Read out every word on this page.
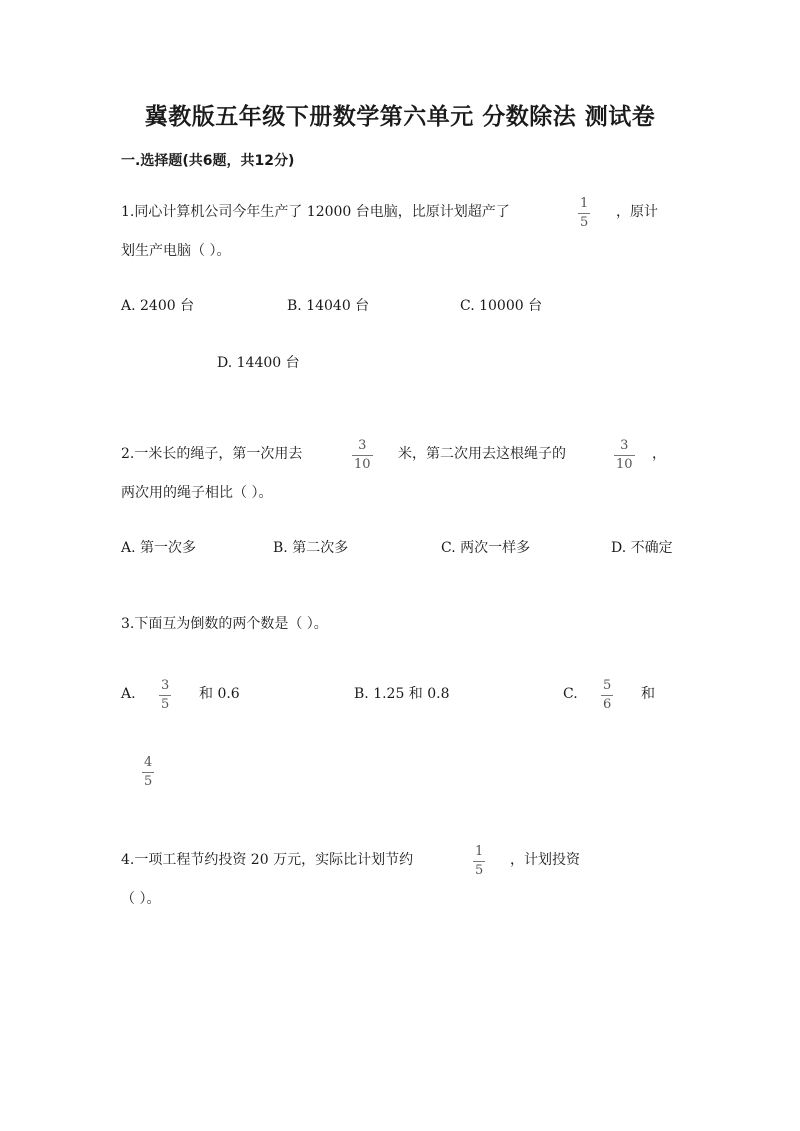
冀教版五年级下册数学第六单元 分数除法 测试卷
一.选择题(共6题，共12分)
1.同心计算机公司今年生产了 12000 台电脑，比原计划超产了
1
5
，原计
划生产电脑（ ）。
A. 2400 台	B. 14040 台	C. 10000 台
D. 14400 台
2.一米长的绳子，第一次用去
3
10
米，第二次用去这根绳子的
3
10
，
两次用的绳子相比（ ）。
A. 第一次多	B. 第二次多	C. 两次一样多	D. 不确定
3.下面互为倒数的两个数是（ ）。
A.
3
5
和 0.6	B. 1.25 和 0.8	C.
5
6
和
4
5
4.一项工程节约投资 20 万元，实际比计划节约
1
5
，计划投资
（ ）。
